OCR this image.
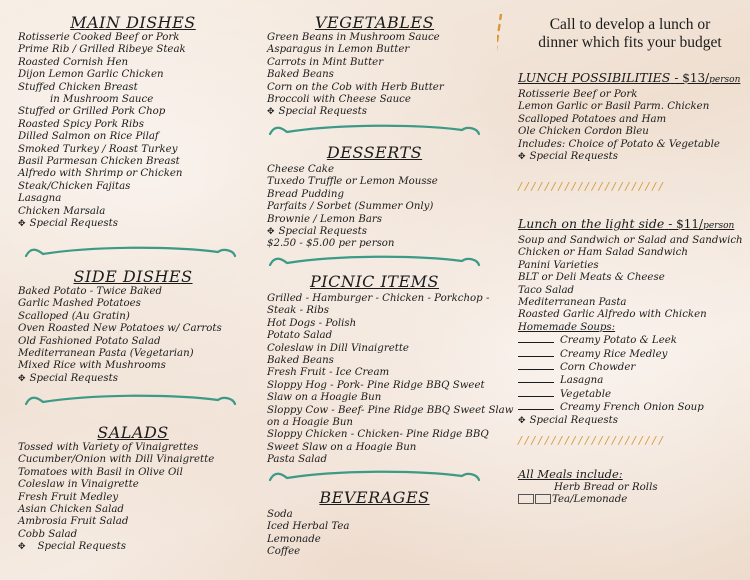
MAIN DISHES
Rotisserie Cooked Beef or Pork
Prime Rib / Grilled Ribeye Steak
Roasted Cornish Hen
Dijon Lemon Garlic Chicken
Stuffed Chicken Breast
in Mushroom Sauce
Stuffed or Grilled Pork Chop
Roasted Spicy Pork Ribs
Dilled Salmon on Rice Pilaf
Smoked Turkey / Roast Turkey
Basil Parmesan Chicken Breast
Alfredo with Shrimp or Chicken
Steak/Chicken Fajitas
Lasagna
Chicken Marsala
✥ Special Requests
SIDE DISHES
Baked Potato - Twice Baked
Garlic Mashed Potatoes
Scalloped (Au Gratin)
Oven Roasted New Potatoes w/ Carrots
Old Fashioned Potato Salad
Mediterranean Pasta (Vegetarian)
Mixed Rice with Mushrooms
✥ Special Requests
SALADS
Tossed with Variety of Vinaigrettes
Cucumber/Onion with Dill Vinaigrette
Tomatoes with Basil in Olive Oil
Coleslaw in Vinaigrette
Fresh Fruit Medley
Asian Chicken Salad
Ambrosia Fruit Salad
Cobb Salad
✥	Special Requests
VEGETABLES
Green Beans in Mushroom Sauce
Asparagus in Lemon Butter
Carrots in Mint Butter
Baked Beans
Corn on the Cob with Herb Butter
Broccoli with Cheese Sauce
✥ Special Requests
DESSERTS
Cheese Cake
Tuxedo Truffle or Lemon Mousse
Bread Pudding
Parfaits / Sorbet (Summer Only)
Brownie / Lemon Bars
✥ Special Requests
$2.50 - $5.00 per person
PICNIC ITEMS
Grilled - Hamburger - Chicken - Porkchop -
Steak - Ribs
Hot Dogs - Polish
Potato Salad
Coleslaw in Dill Vinaigrette
Baked Beans
Fresh Fruit - Ice Cream
Sloppy Hog - Pork- Pine Ridge BBQ Sweet
Slaw on a Hoagie Bun
Sloppy Cow - Beef- Pine Ridge BBQ Sweet Slaw
on a Hoagie Bun
Sloppy Chicken - Chicken- Pine Ridge BBQ
Sweet Slaw on a Hoagie Bun
Pasta Salad
BEVERAGES
Soda
Iced Herbal Tea
Lemonade
Coffee
Call to develop a lunch or
dinner which fits your budget
LUNCH POSSIBILITIES - $13/person
Rotisserie Beef or Pork
Lemon Garlic or Basil Parm. Chicken
Scalloped Potatoes and Ham
Ole Chicken Cordon Bleu
Includes: Choice of Potato & Vegetable
✥ Special Requests
//////////////////////
Lunch on the light side - $11/person
Soup and Sandwich or Salad and Sandwich
Chicken or Ham Salad Sandwich
Panini Varieties
BLT or Deli Meats & Cheese
Taco Salad
Mediterranean Pasta
Roasted Garlic Alfredo with Chicken
Homemade Soups:
Creamy Potato & Leek
Creamy Rice Medley
Corn Chowder
Lasagna
Vegetable
Creamy French Onion Soup
✥ Special Requests
//////////////////////
All Meals include:
Herb Bread or Rolls
Tea/Lemonade
